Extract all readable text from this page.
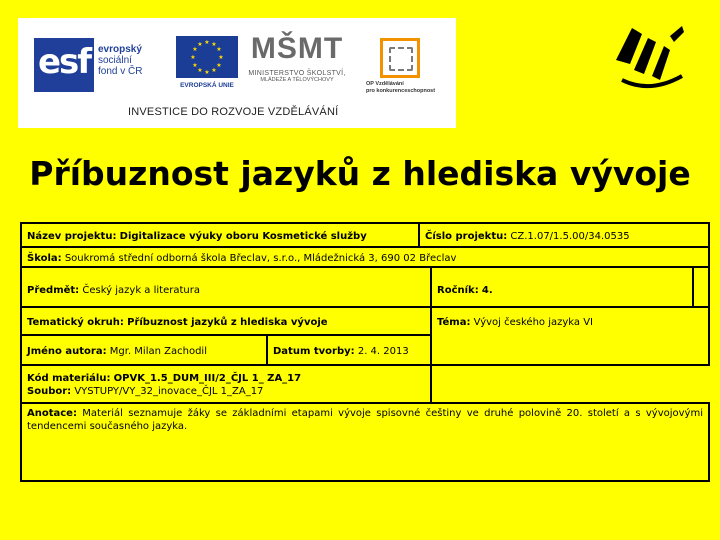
esf evropský
sociální
fond v ČR
★ ★
★
★
★
★
★
★
★
★
★
★
EVROPSKÁ UNIE
MŠMT
MINISTERSTVO ŠKOLSTVÍ,
MLÁDEŽE A TĚLOVÝCHOVY
OP Vzdělávání
pro konkurenceschopnost
INVESTICE DO ROZVOJE VZDĚLÁVÁNÍ
Příbuznost jazyků z hlediska vývoje
Název projektu: Digitalizace výuky oboru Kosmetické služby	Číslo projektu: CZ.1.07/1.5.00/34.0535
Škola: Soukromá střední odborná škola Břeclav, s.r.o., Mládežnická 3, 690 02 Břeclav
Předmět: Český jazyk a literatura	Ročník: 4.
Tematický okruh: Příbuznost jazyků z hlediska vývoje	Téma: Vývoj českého jazyka VI
Jméno autora: Mgr. Milan Zachodil	Datum tvorby: 2. 4. 2013
Kód materiálu: OPVK_1.5_DUM_III/2_ČJL 1_ ZA_17
Soubor: VYSTUPY/VY_32_inovace_ČJL 1_ZA_17
Anotace: Materiál seznamuje žáky se základními etapami vývoje spisovné češtiny ve druhé polovině 20. století a s vývojovými tendencemi současného jazyka.
